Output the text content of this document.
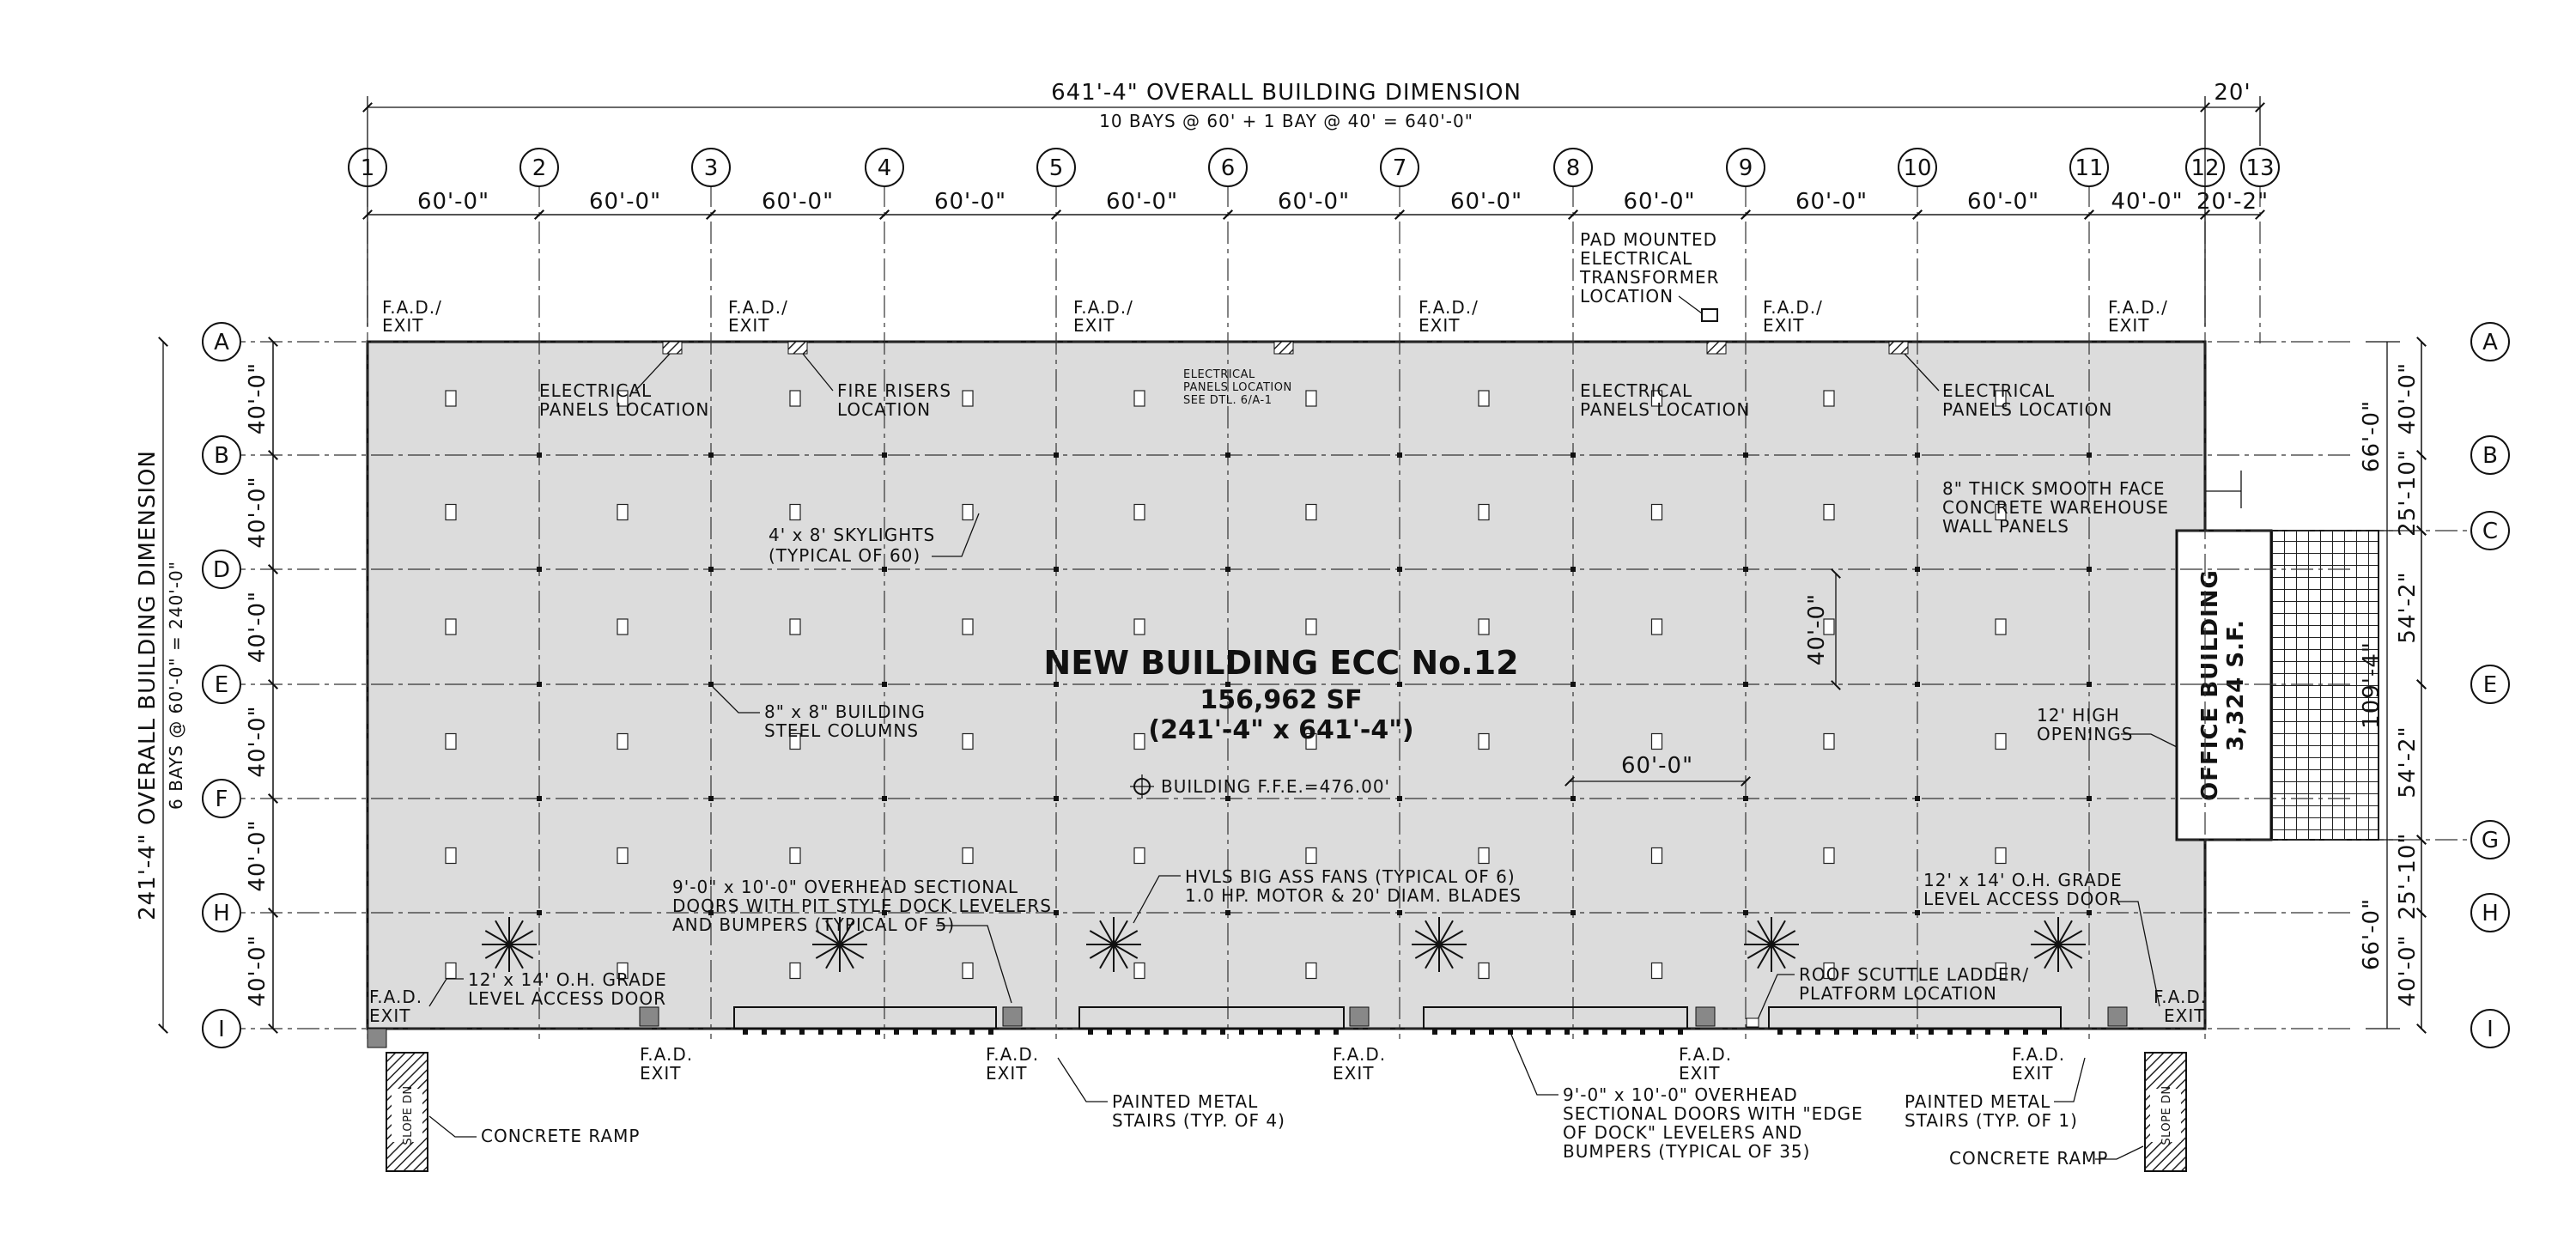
OFFICE BUILDING 3,324 S.F.
60'-0"	60'-0"	60'-0"	60'-0"	60'-0"	60'-0"	60'-0"	60'-0"	60'-0"	60'-0"	40'-0" 20'-2"
40'-0"
40'-0"
40'-0"
40'-0"
40'-0"
40'-0"
40'-0"
25'-10"
54'-2"
54'-2"
25'-10"
40'-0"
1	2	3	4	5	6	7	8	9	10	11	12 13
A
B
D
E
F
H
I
A
B
C
E
G
H
I
641'-4" OVERALL BUILDING DIMENSION
10 BAYS @ 60' + 1 BAY @ 40' = 640'-0"
20'
241'-4" OVERALL BUILDING DIMENSION 6 BAYS @ 60'-0" = 240'-0"
66'-0"
109'-4"
66'-0"
NEW BUILDING ECC No.12
156,962 SF
(241'-4" x 641'-4")
40'-0"
60'-0"
BUILDING F.F.E.=476.00'
F.A.D./
EXIT
F.A.D./
EXIT
F.A.D./
EXIT
F.A.D./
EXIT
F.A.D./
EXIT
F.A.D./
EXIT
PAD MOUNTED
ELECTRICAL
TRANSFORMER
LOCATION
ELECTRICAL
PANELS LOCATION
ELECTRICAL
PANELS LOCATION
SEE DTL. 6/A-1	ELECTRICAL
PANELS LOCATION
ELECTRICAL
PANELS LOCATION
FIRE RISERS
LOCATION
4' x 8' SKYLIGHTS
(TYPICAL OF 60)
8" x 8" BUILDING
STEEL COLUMNS
8" THICK SMOOTH FACE
CONCRETE WAREHOUSE
WALL PANELS
12' HIGH
OPENINGS
9'-0" x 10'-0" OVERHEAD SECTIONAL
DOORS WITH PIT STYLE DOCK LEVELERS
AND BUMPERS (TYPICAL OF 5)
HVLS BIG ASS FANS (TYPICAL OF 6)
1.0 HP. MOTOR & 20' DIAM. BLADES
12' x 14' O.H. GRADE
LEVEL ACCESS DOOR
12' x 14' O.H. GRADE
LEVEL ACCESS DOOR
ROOF SCUTTLE LADDER/
PLATFORM LOCATION
F.A.D.
EXIT
F.A.D.
EXIT
F.A.D.
EXIT
F.A.D.
EXIT
F.A.D.
EXIT
F.A.D.
EXIT
F.A.D.
EXIT
PAINTED METAL
STAIRS (TYP. OF 4)
PAINTED METAL
STAIRS (TYP. OF 1)
9'-0" x 10'-0" OVERHEAD
SECTIONAL DOORS WITH "EDGE
OF DOCK" LEVELERS AND
BUMPERS (TYPICAL OF 35)
SLOPE DN	SLOPE DN
CONCRETE RAMP
CONCRETE RAMP
